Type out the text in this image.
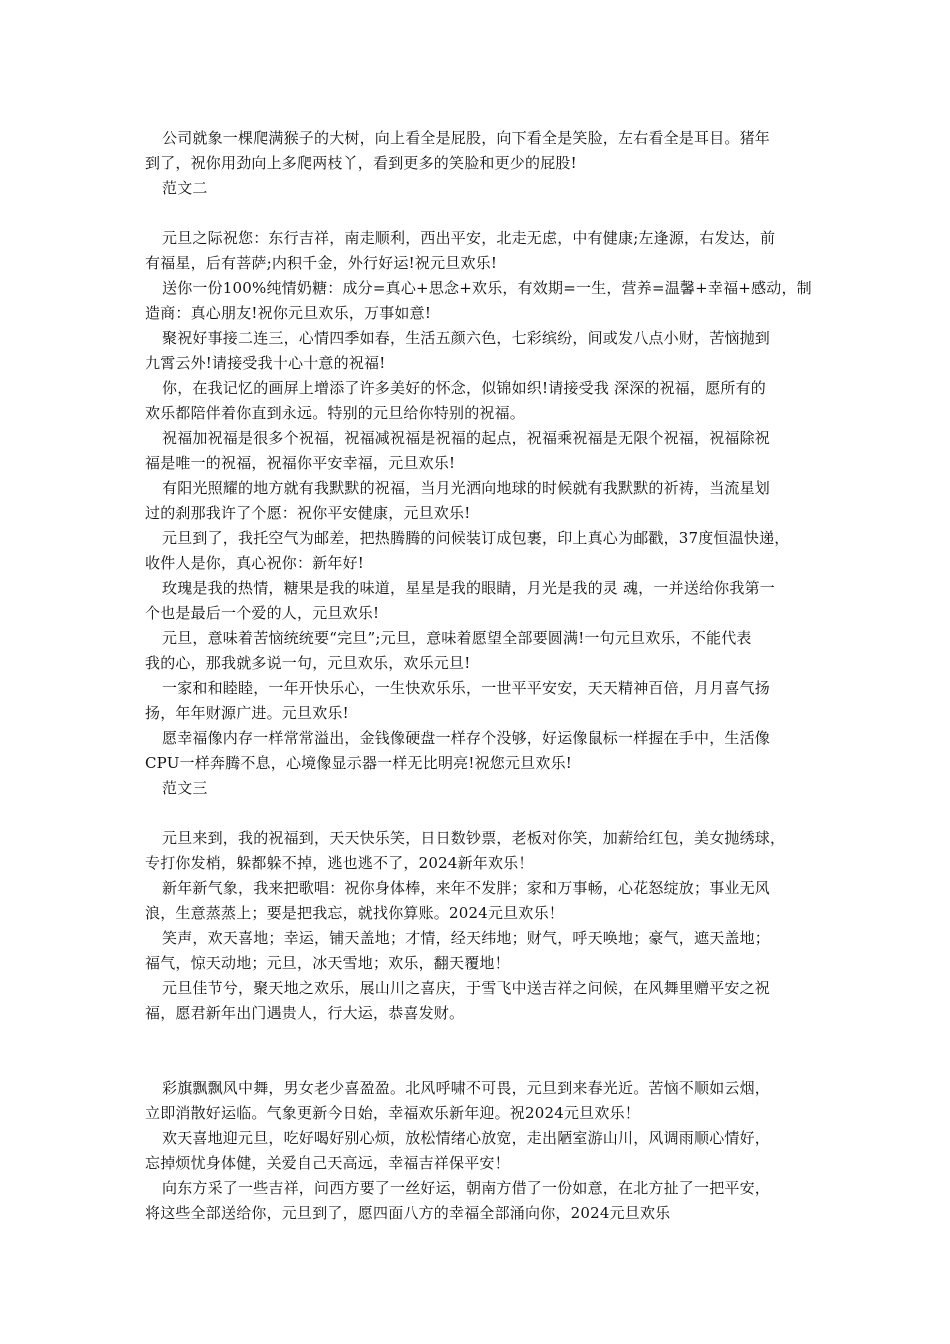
公司就象一棵爬满猴子的大树，向上看全是屁股，向下看全是笑脸，左右看全是耳目。猪年

到了，祝你用劲向上多爬两枝丫，看到更多的笑脸和更少的屁股!

范文二

元旦之际祝您：东行吉祥，南走顺利，西出平安，北走无虑，中有健康;左逢源，右发达，前

有福星，后有菩萨;内积千金，外行好运!祝元旦欢乐!

送你一份100%纯情奶糖：成分=真心+思念+欢乐，有效期=一生，营养=温馨+幸福+感动，制

造商：真心朋友!祝你元旦欢乐，万事如意!

聚祝好事接二连三，心情四季如春，生活五颜六色，七彩缤纷，间或发八点小财，苦恼抛到

九霄云外!请接受我十心十意的祝福!

你，在我记忆的画屏上增添了许多美好的怀念，似锦如织!请接受我 深深的祝福，愿所有的

欢乐都陪伴着你直到永远。特别的元旦给你特别的祝福。

祝福加祝福是很多个祝福，祝福减祝福是祝福的起点，祝福乘祝福是无限个祝福，祝福除祝

福是唯一的祝福，祝福你平安幸福，元旦欢乐!

有阳光照耀的地方就有我默默的祝福，当月光洒向地球的时候就有我默默的祈祷，当流星划

过的刹那我许了个愿：祝你平安健康，元旦欢乐!

元旦到了，我托空气为邮差，把热腾腾的问候装订成包裹，印上真心为邮戳，37度恒温快递，

收件人是你，真心祝你：新年好!

玫瑰是我的热情，糖果是我的味道，星星是我的眼睛，月光是我的灵 魂，一并送给你我第一

个也是最后一个爱的人，元旦欢乐!

元旦，意味着苦恼统统要“完旦”;元旦，意味着愿望全部要圆满!一句元旦欢乐，不能代表

我的心，那我就多说一句，元旦欢乐，欢乐元旦!

一家和和睦睦，一年开快乐心，一生快欢乐乐，一世平平安安，天天精神百倍，月月喜气扬

扬，年年财源广进。元旦欢乐!

愿幸福像内存一样常常溢出，金钱像硬盘一样存个没够，好运像鼠标一样握在手中，生活像

CPU一样奔腾不息，心境像显示器一样无比明亮!祝您元旦欢乐!

范文三

元旦来到，我的祝福到，天天快乐笑，日日数钞票，老板对你笑，加薪给红包，美女抛绣球，

专打你发梢，躲都躲不掉，逃也逃不了，2024新年欢乐！

新年新气象，我来把歌唱：祝你身体棒，来年不发胖；家和万事畅，心花怒绽放；事业无风

浪，生意蒸蒸上；要是把我忘，就找你算账。2024元旦欢乐！

笑声，欢天喜地；幸运，铺天盖地；才情，经天纬地；财气，呼天唤地；豪气，遮天盖地；

福气，惊天动地；元旦，冰天雪地；欢乐，翻天覆地！

元旦佳节兮，聚天地之欢乐，展山川之喜庆，于雪飞中送吉祥之问候，在风舞里赠平安之祝

福，愿君新年出门遇贵人，行大运，恭喜发财。

彩旗飘飘风中舞，男女老少喜盈盈。北风呼啸不可畏，元旦到来春光近。苦恼不顺如云烟，

立即消散好运临。气象更新今日始，幸福欢乐新年迎。祝2024元旦欢乐！

欢天喜地迎元旦，吃好喝好别心烦，放松情绪心放宽，走出陋室游山川，风调雨顺心情好，

忘掉烦忧身体健，关爱自己天高远，幸福吉祥保平安！

向东方采了一些吉祥，问西方要了一丝好运，朝南方借了一份如意，在北方扯了一把平安，

将这些全部送给你，元旦到了，愿四面八方的幸福全部涌向你，2024元旦欢乐
